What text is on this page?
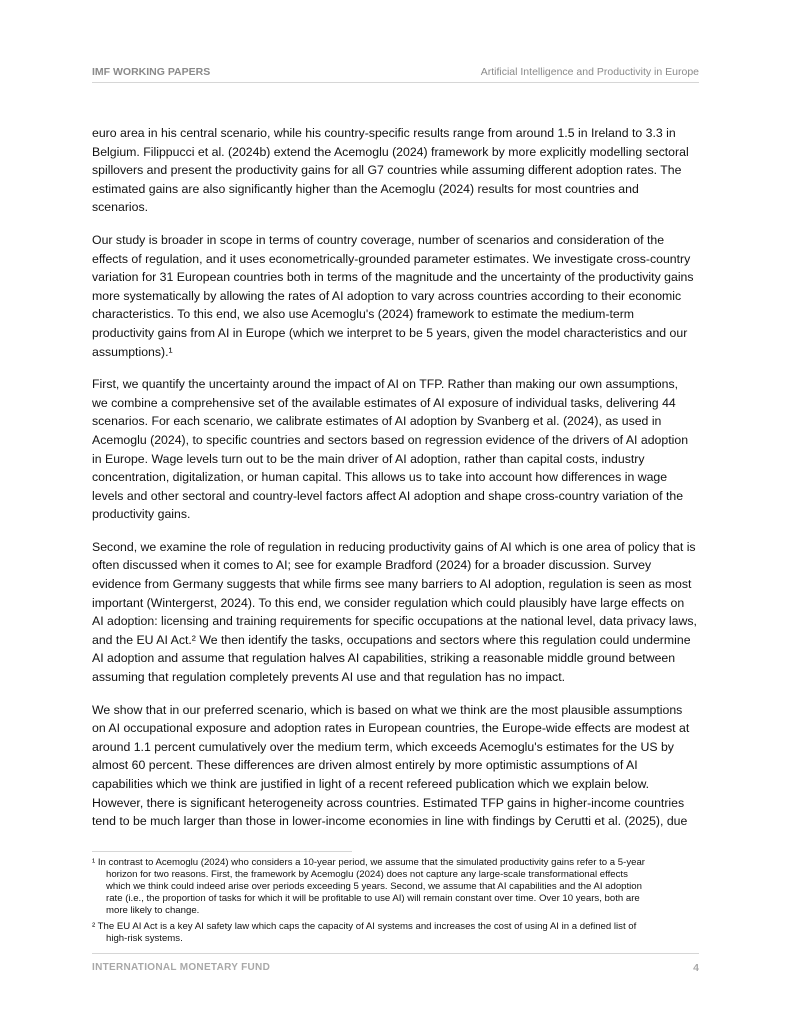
IMF WORKING PAPERS	Artificial Intelligence and Productivity in Europe

euro area in his central scenario, while his country-specific results range from around 1.5 in Ireland to 3.3 in
Belgium. Filippucci et al. (2024b) extend the Acemoglu (2024) framework by more explicitly modelling sectoral
spillovers and present the productivity gains for all G7 countries while assuming different adoption rates. The
estimated gains are also significantly higher than the Acemoglu (2024) results for most countries and
scenarios.

Our study is broader in scope in terms of country coverage, number of scenarios and consideration of the
effects of regulation, and it uses econometrically-grounded parameter estimates. We investigate cross-country
variation for 31 European countries both in terms of the magnitude and the uncertainty of the productivity gains
more systematically by allowing the rates of AI adoption to vary across countries according to their economic
characteristics. To this end, we also use Acemoglu's (2024) framework to estimate the medium-term
productivity gains from AI in Europe (which we interpret to be 5 years, given the model characteristics and our
assumptions).¹

First, we quantify the uncertainty around the impact of AI on TFP. Rather than making our own assumptions,
we combine a comprehensive set of the available estimates of AI exposure of individual tasks, delivering 44
scenarios. For each scenario, we calibrate estimates of AI adoption by Svanberg et al. (2024), as used in
Acemoglu (2024), to specific countries and sectors based on regression evidence of the drivers of AI adoption
in Europe. Wage levels turn out to be the main driver of AI adoption, rather than capital costs, industry
concentration, digitalization, or human capital. This allows us to take into account how differences in wage
levels and other sectoral and country-level factors affect AI adoption and shape cross-country variation of the
productivity gains.

Second, we examine the role of regulation in reducing productivity gains of AI which is one area of policy that is
often discussed when it comes to AI; see for example Bradford (2024) for a broader discussion. Survey
evidence from Germany suggests that while firms see many barriers to AI adoption, regulation is seen as most
important (Wintergerst, 2024). To this end, we consider regulation which could plausibly have large effects on
AI adoption: licensing and training requirements for specific occupations at the national level, data privacy laws,
and the EU AI Act.² We then identify the tasks, occupations and sectors where this regulation could undermine
AI adoption and assume that regulation halves AI capabilities, striking a reasonable middle ground between
assuming that regulation completely prevents AI use and that regulation has no impact.

We show that in our preferred scenario, which is based on what we think are the most plausible assumptions
on AI occupational exposure and adoption rates in European countries, the Europe-wide effects are modest at
around 1.1 percent cumulatively over the medium term, which exceeds Acemoglu's estimates for the US by
almost 60 percent. These differences are driven almost entirely by more optimistic assumptions of AI
capabilities which we think are justified in light of a recent refereed publication which we explain below.
However, there is significant heterogeneity across countries. Estimated TFP gains in higher-income countries
tend to be much larger than those in lower-income economies in line with findings by Cerutti et al. (2025), due

¹ In contrast to Acemoglu (2024) who considers a 10-year period, we assume that the simulated productivity gains refer to a 5-year
horizon for two reasons. First, the framework by Acemoglu (2024) does not capture any large-scale transformational effects
which we think could indeed arise over periods exceeding 5 years. Second, we assume that AI capabilities and the AI adoption
rate (i.e., the proportion of tasks for which it will be profitable to use AI) will remain constant over time. Over 10 years, both are
more likely to change.

² The EU AI Act is a key AI safety law which caps the capacity of AI systems and increases the cost of using AI in a defined list of
high-risk systems.

INTERNATIONAL MONETARY FUND	4
